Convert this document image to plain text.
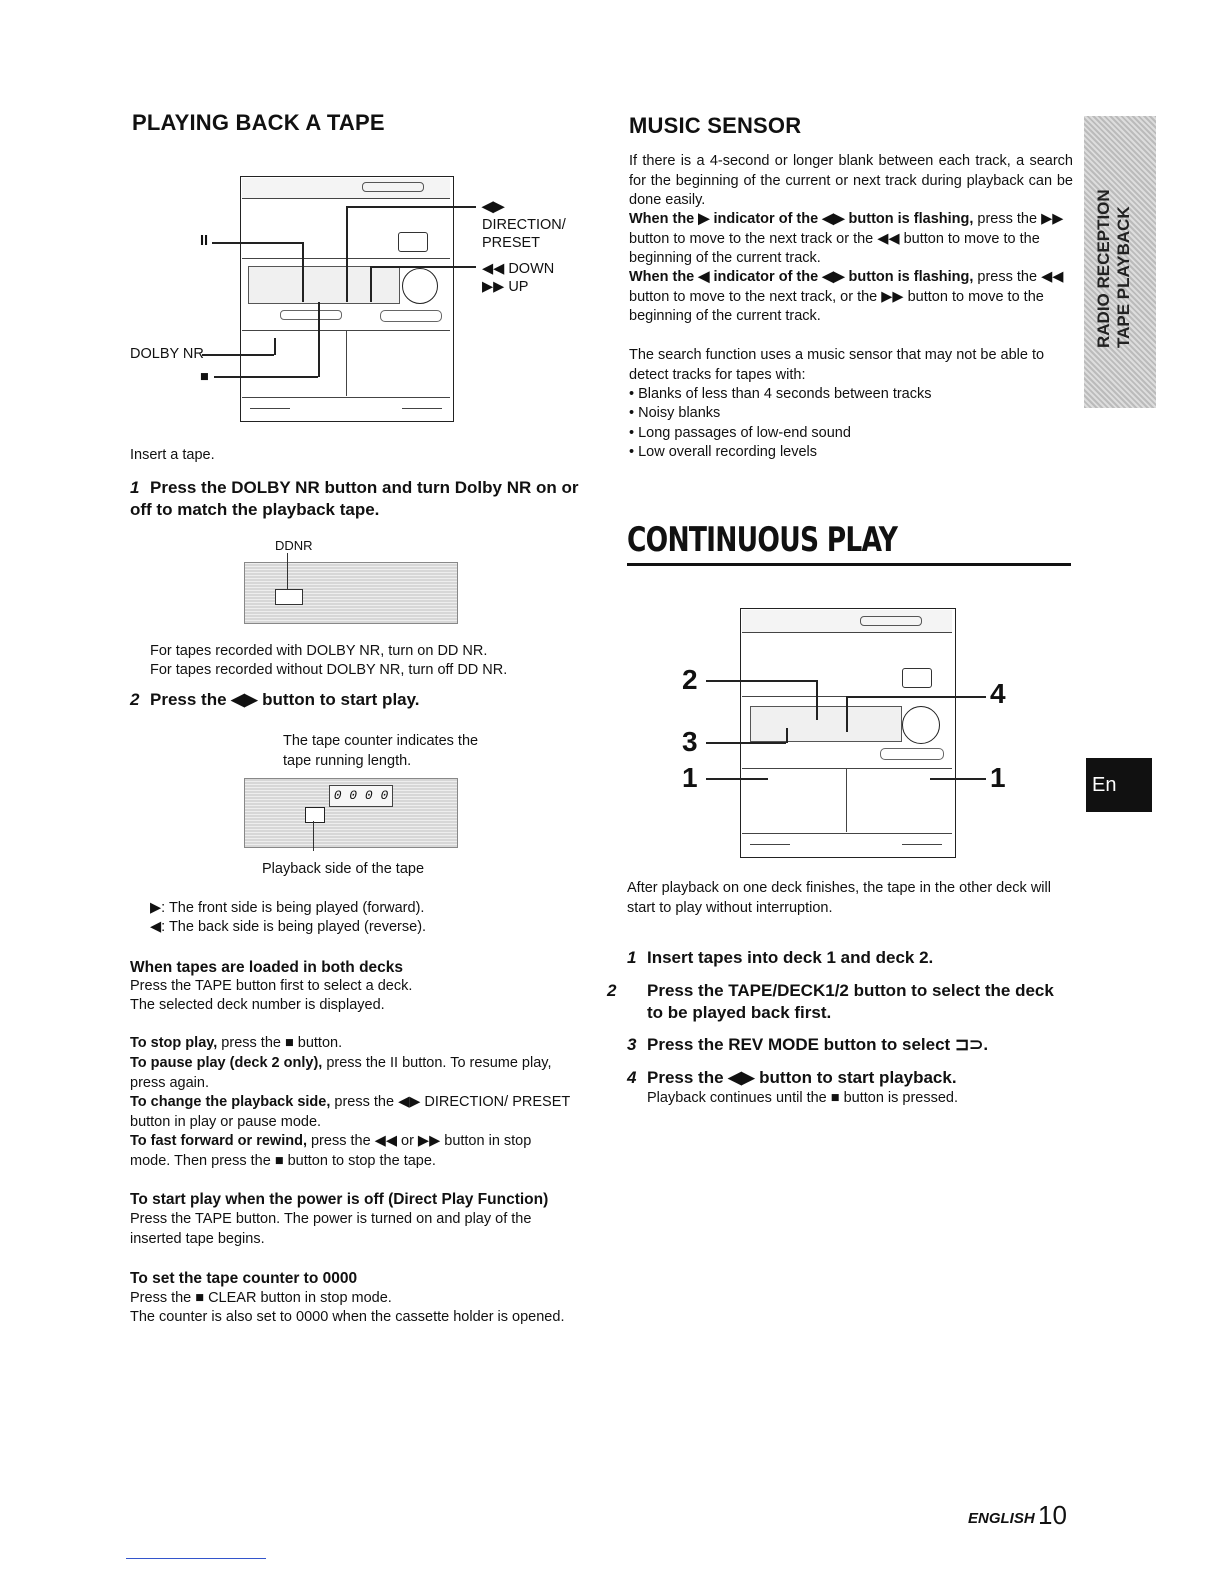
PLAYING BACK A TAPE
II
DOLBY NR
■
◀▶
DIRECTION/
PRESET
◀◀ DOWN
▶▶ UP
Insert a tape.
1 Press the DOLBY NR button and turn Dolby NR on or off to match the playback tape.
DDNR
For tapes recorded with DOLBY NR, turn on DD NR.
For tapes recorded without DOLBY NR, turn off DD NR.
2 Press the ◀▶ button to start play.
The tape counter indicates the tape running length.
0 0 0 0
Playback side of the tape
▶: The front side is being played (forward).
◀: The back side is being played (reverse).
When tapes are loaded in both decks
Press the TAPE button first to select a deck.
The selected deck number is displayed.
To stop play, press the ■ button.
To pause play (deck 2 only), press the II button. To resume play, press again.
To change the playback side, press the ◀▶ DIRECTION/ PRESET button in play or pause mode.
To fast forward or rewind, press the ◀◀ or ▶▶ button in stop mode. Then press the ■ button to stop the tape.
To start play when the power is off (Direct Play Function)
Press the TAPE button. The power is turned on and play of the inserted tape begins.
To set the tape counter to 0000
Press the ■ CLEAR button in stop mode.
The counter is also set to 0000 when the cassette holder is opened.
MUSIC SENSOR
If there is a 4-second or longer blank between each track, a search for the beginning of the current or next track during playback can be done easily.
When the ▶ indicator of the ◀▶ button is flashing, press the ▶▶ button to move to the next track or the ◀◀ button to move to the beginning of the current track.
When the ◀ indicator of the ◀▶ button is flashing, press the ◀◀ button to move to the next track, or the ▶▶ button to move to the beginning of the current track.
The search function uses a music sensor that may not be able to detect tracks for tapes with:
• Blanks of less than 4 seconds between tracks
• Noisy blanks
• Long passages of low-end sound
• Low overall recording levels
CONTINUOUS PLAY
2
3
1
4
1
After playback on one deck finishes, the tape in the other deck will start to play without interruption.
1 Insert tapes into deck 1 and deck 2.
2 Press the TAPE/DECK1/2 button to select the deck to be played back first.
3 Press the REV MODE button to select ⊐⊃.
4 Press the ◀▶ button to start playback.
Playback continues until the ■ button is pressed.
RADIO RECEPTION TAPE PLAYBACK
En
ENGLISH 10
